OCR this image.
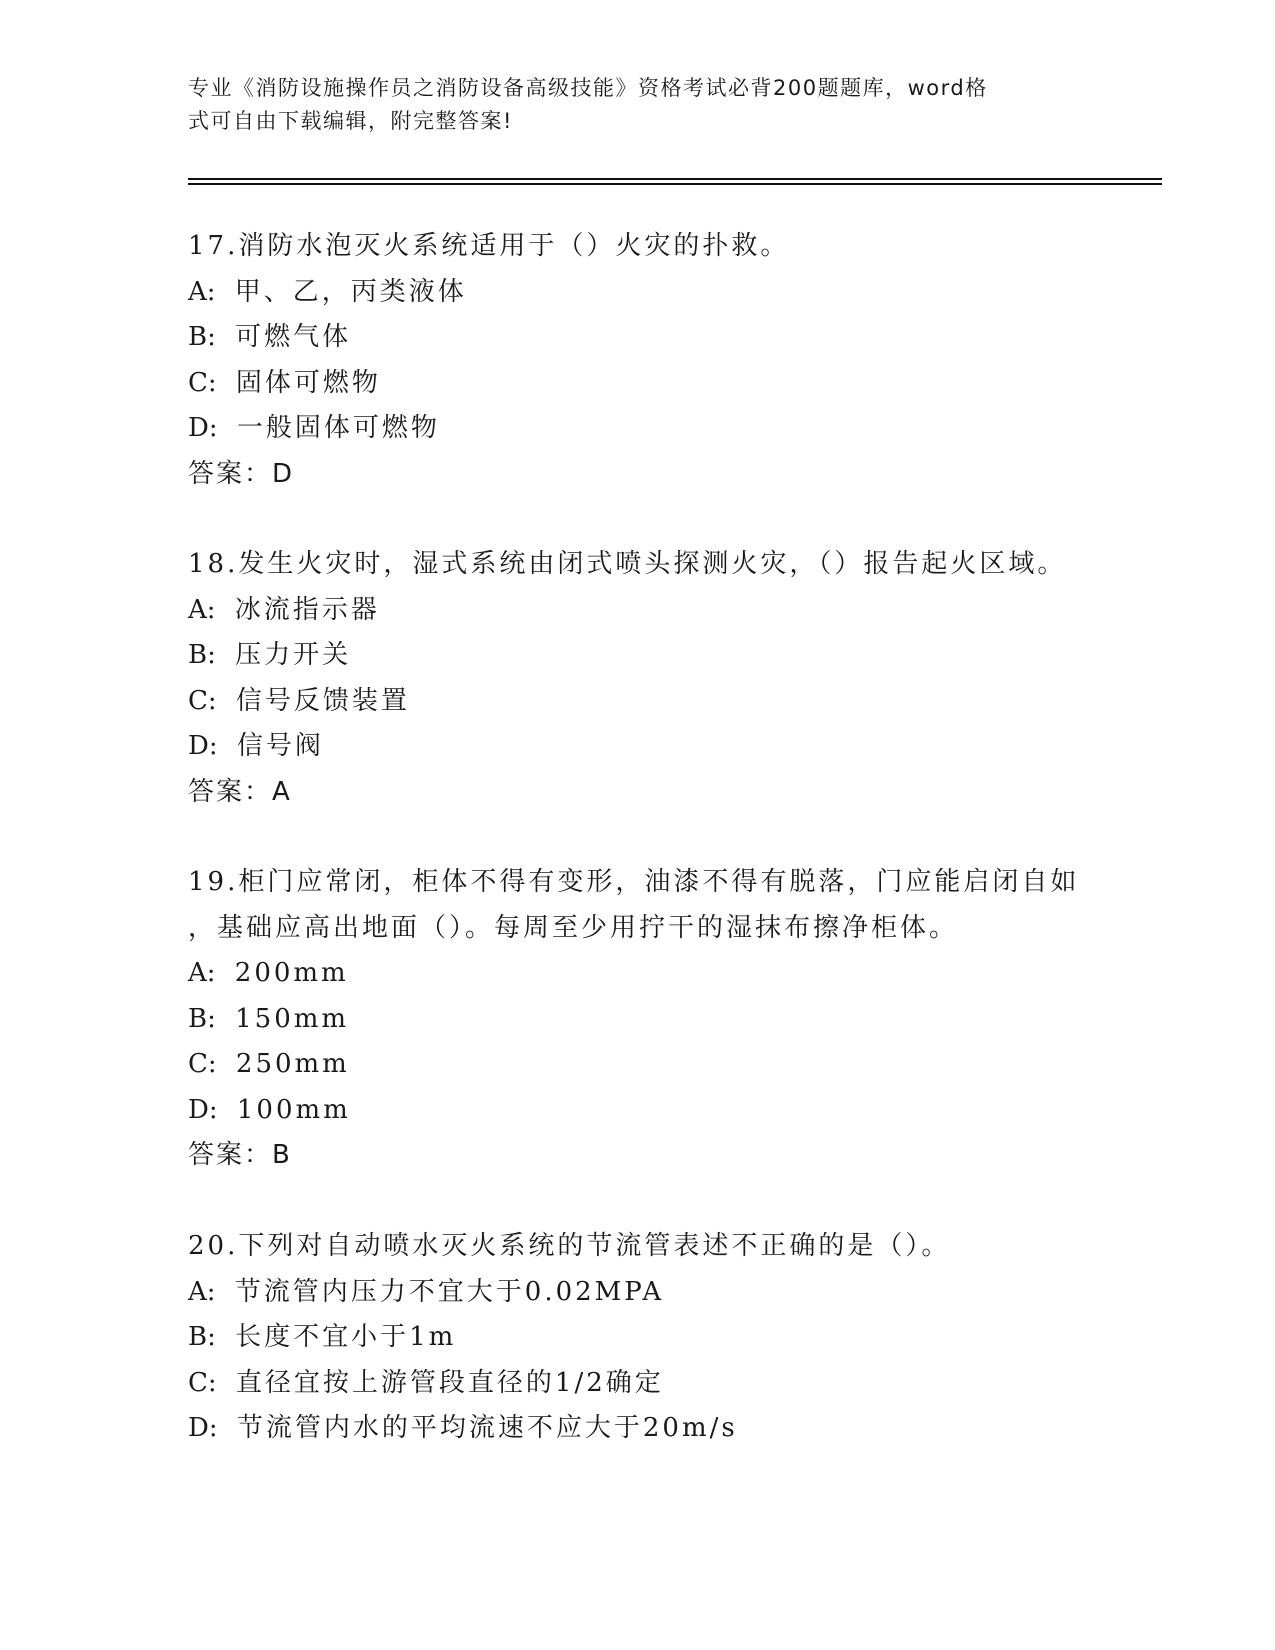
专业《消防设施操作员之消防设备高级技能》资格考试必背200题题库，word格
式可自由下载编辑，附完整答案!
17.消防水泡灭火系统适用于（）火灾的扑救。
A: 甲、乙，丙类液体
B: 可燃气体
C: 固体可燃物
D: 一般固体可燃物
答案：D
18.发生火灾时，湿式系统由闭式喷头探测火灾，（）报告起火区域。
A: 冰流指示器
B: 压力开关
C: 信号反馈装置
D: 信号阀
答案：A
19.柜门应常闭，柜体不得有变形，油漆不得有脱落，门应能启闭自如
，基础应高出地面（）。每周至少用拧干的湿抹布擦净柜体。
A: 200mm
B: 150mm
C: 250mm
D: 100mm
答案：B
20.下列对自动喷水灭火系统的节流管表述不正确的是（）。
A: 节流管内压力不宜大于0.02MPA
B: 长度不宜小于1m
C: 直径宜按上游管段直径的1/2确定
D: 节流管内水的平均流速不应大于20m/s
